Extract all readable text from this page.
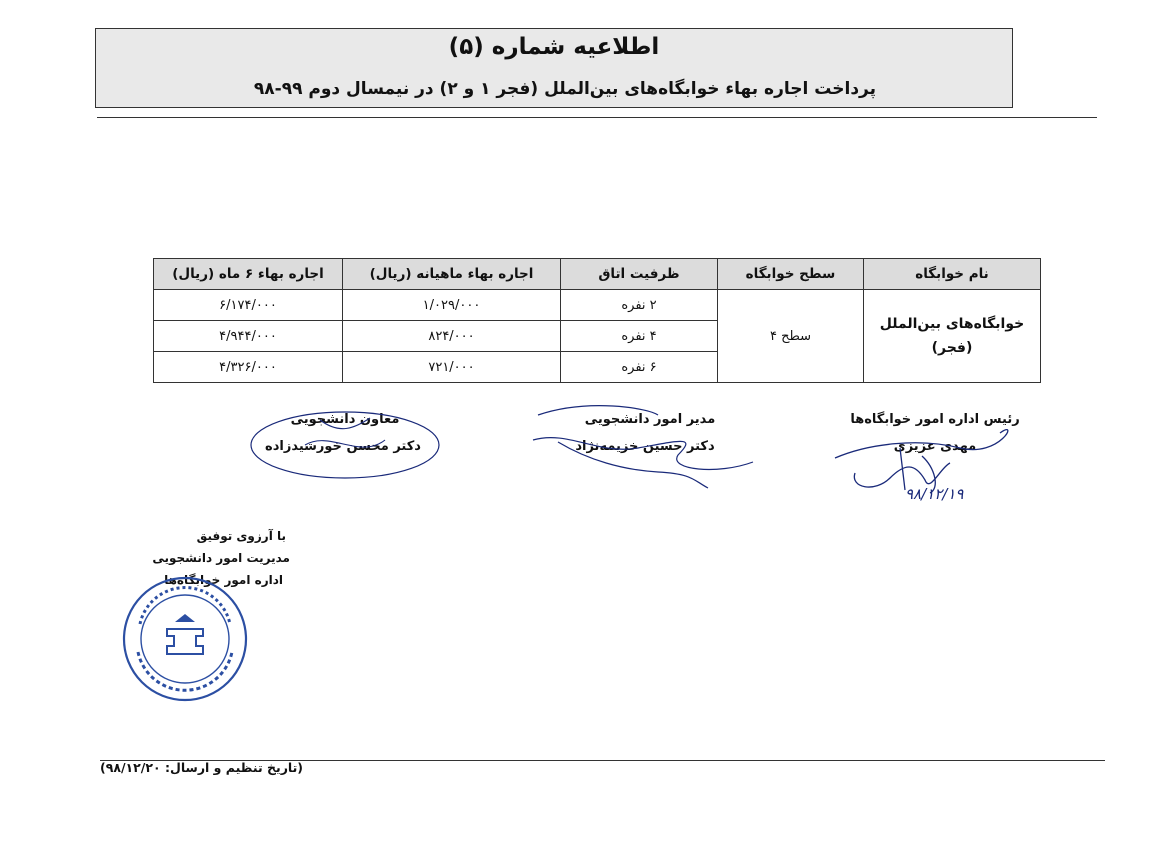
اطلاعیه شماره (۵)
پرداخت اجاره بهاء خوابگاه‌های بین‌الملل (فجر ۱ و ۲) در نیمسال دوم ۹۹-۹۸
نام خوابگاه	سطح خوابگاه	ظرفیت اتاق	اجاره بهاء ماهیانه (ریال)	اجاره بهاء ۶ ماه (ریال)
خوابگاه‌های بین‌الملل (فجر)	سطح ۴	۲ نفره	۱/۰۲۹/۰۰۰	۶/۱۷۴/۰۰۰
		۴ نفره	۸۲۴/۰۰۰	۴/۹۴۴/۰۰۰
		۶ نفره	۷۲۱/۰۰۰	۴/۳۲۶/۰۰۰
رئیس اداره امور خوابگاه‌ها
مهدی عزیزی
۹۸/۱۲/۱۹
مدیر امور دانشجویی
دکتر حسین خزیمه‌نژاد
معاون دانشجویی
دکتر محسن خورشیدزاده
با آرزوی توفیق
مدیریت امور دانشجویی
اداره امور خوابگاه‌ها
(تاریخ تنظیم و ارسال: ۹۸/۱۲/۲۰)
